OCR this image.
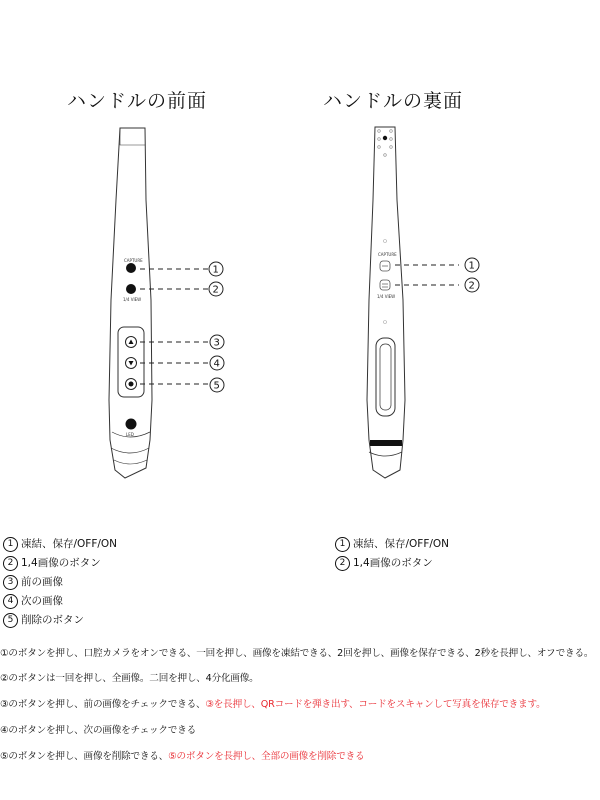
ハンドルの前面	ハンドルの裏面
CAPTURE
1/4 VIEW
LED
1
2
3
4
5
CAPTURE
1/4 VIEW
1
2
1 凍結、保存/OFF/ON
2 1,4画像のボタン
3 前の画像
4 次の画像
5 削除のボタン
1 凍結、保存/OFF/ON
2 1,4画像のボタン
①のボタンを押し、口腔カメラをオンできる、一回を押し、画像を凍結できる、2回を押し、画像を保存できる、2秒を長押し、オフできる。
②のボタンは一回を押し、全画像。二回を押し、4分化画像。
③のボタンを押し、前の画像をチェックできる、③を長押し、QRコードを弾き出す、コードをスキャンして写真を保存できます。
④のボタンを押し、次の画像をチェックできる
⑤のボタンを押し、画像を削除できる、⑤のボタンを長押し、全部の画像を削除できる
